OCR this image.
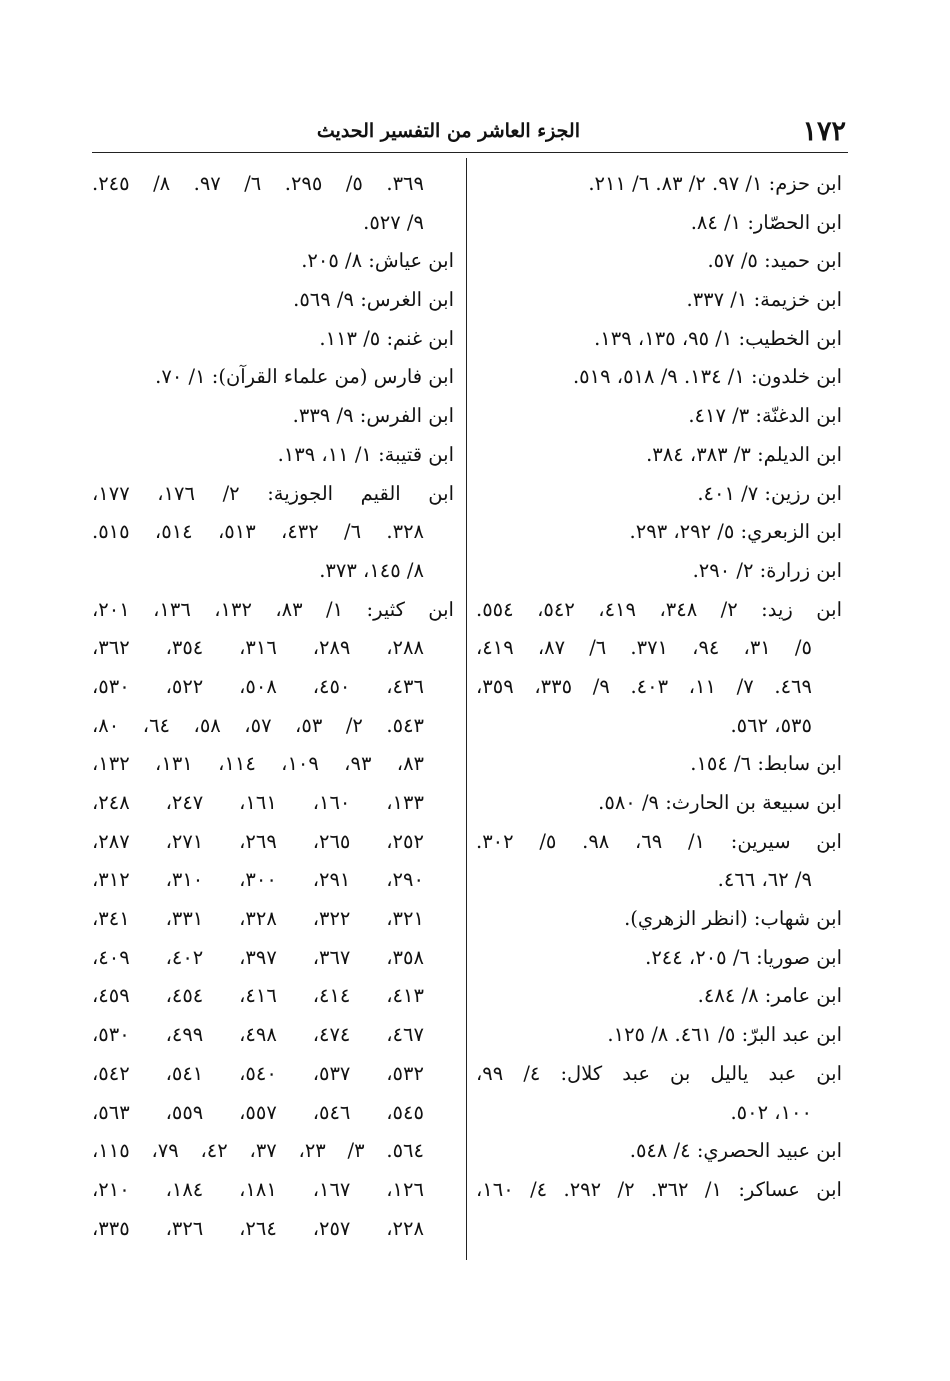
١٧٢
الجزء العاشر من التفسير الحديث
ابن حزم: ١/ ٩٧. ٢/ ٨٣. ٦/ ٢١١.
ابن الحصّار: ١/ ٨٤.
ابن حميد: ٥/ ٥٧.
ابن خزيمة: ١/ ٣٣٧.
ابن الخطيب: ١/ ٩٥، ١٣٥، ١٣٩.
ابن خلدون: ١/ ١٣٤. ٩/ ٥١٨، ٥١٩.
ابن الدغنّة: ٣/ ٤١٧.
ابن الديلم: ٣/ ٣٨٣، ٣٨٤.
ابن رزين: ٧/ ٤٠١.
ابن الزبعري: ٥/ ٢٩٢، ٢٩٣.
ابن زرارة: ٢/ ٢٩٠.
ابن زيد: ٢/ ٣٤٨، ٤١٩، ٥٤٢، ٥٥٤.
٥/ ٣١، ٩٤، ٣٧١. ٦/ ٨٧، ٤١٩،
٤٦٩. ٧/ ١١، ٤٠٣. ٩/ ٣٣٥، ٣٥٩،
٥٣٥، ٥٦٢.
ابن سابط: ٦/ ١٥٤.
ابن سبيعة بن الحارث: ٩/ ٥٨٠.
ابن سيرين: ١/ ٦٩، ٩٨. ٥/ ٣٠٢.
٩/ ٦٢، ٤٦٦.
ابن شهاب: (انظر الزهري).
ابن صوريا: ٦/ ٢٠٥، ٢٤٤.
ابن عامر: ٨/ ٤٨٤.
ابن عبد البرّ: ٥/ ٤٦١. ٨/ ١٢٥.
ابن عبد ياليل بن عبد كلال: ٤/ ٩٩،
١٠٠، ٥٠٢.
ابن عبيد الحصري: ٤/ ٥٤٨.
ابن عساكر: ١/ ٣٦٢. ٢/ ٢٩٢. ٤/ ١٦٠،
٣٦٩. ٥/ ٢٩٥. ٦/ ٩٧. ٨/ ٢٤٥.
٩/ ٥٢٧.
ابن عياش: ٨/ ٢٠٥.
ابن الغرس: ٩/ ٥٦٩.
ابن غنم: ٥/ ١١٣.
ابن فارس (من علماء القرآن): ١/ ٧٠.
ابن الفرس: ٩/ ٣٣٩.
ابن قتيبة: ١/ ١١، ١٣٩.
ابن القيم الجوزية: ٢/ ١٧٦، ١٧٧،
٣٢٨. ٦/ ٤٣٢، ٥١٣، ٥١٤، ٥١٥.
٨/ ١٤٥، ٣٧٣.
ابن كثير: ١/ ٨٣، ١٣٢، ١٣٦، ٢٠١،
٢٨٨، ٢٨٩، ٣١٦، ٣٥٤، ٣٦٢،
٤٣٦، ٤٥٠، ٥٠٨، ٥٢٢، ٥٣٠،
٥٤٣. ٢/ ٥٣، ٥٧، ٥٨، ٦٤، ٨٠،
٨٣، ٩٣، ١٠٩، ١١٤، ١٣١، ١٣٢،
١٣٣، ١٦٠، ١٦١، ٢٤٧، ٢٤٨،
٢٥٢، ٢٦٥، ٢٦٩، ٢٧١، ٢٨٧،
٢٩٠، ٢٩١، ٣٠٠، ٣١٠، ٣١٢،
٣٢١، ٣٢٢، ٣٢٨، ٣٣١، ٣٤١،
٣٥٨، ٣٦٧، ٣٩٧، ٤٠٢، ٤٠٩،
٤١٣، ٤١٤، ٤١٦، ٤٥٤، ٤٥٩،
٤٦٧، ٤٧٤، ٤٩٨، ٤٩٩، ٥٣٠،
٥٣٢، ٥٣٧، ٥٤٠، ٥٤١، ٥٤٢،
٥٤٥، ٥٤٦، ٥٥٧، ٥٥٩، ٥٦٣،
٥٦٤. ٣/ ٢٣، ٣٧، ٤٢، ٧٩، ١١٥،
١٢٦، ١٦٧، ١٨١، ١٨٤، ٢١٠،
٢٢٨، ٢٥٧، ٢٦٤، ٣٢٦، ٣٣٥،
